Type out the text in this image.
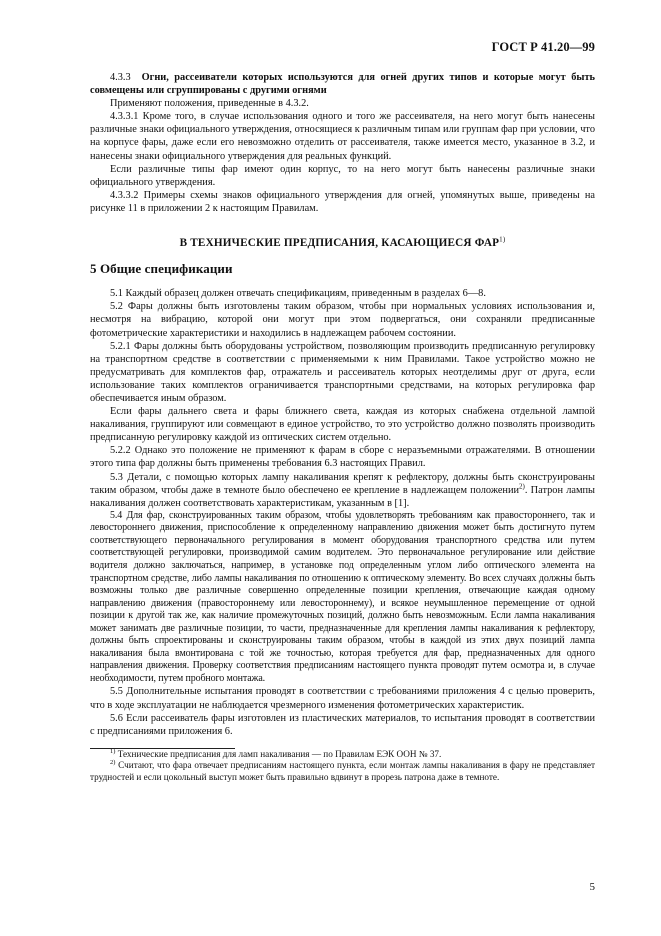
ГОСТ Р 41.20—99

4.3.3 Огни, рассеиватели которых используются для огней других типов и которые могут быть совмещены или сгруппированы с другими огнями

Применяют положения, приведенные в 4.3.2.

4.3.3.1 Кроме того, в случае использования одного и того же рассеивателя, на него могут быть нанесены различные знаки официального утверждения, относящиеся к различным типам или группам фар при условии, что на корпусе фары, даже если его невозможно отделить от рассеивателя, также имеется место, указанное в 3.2, и нанесены знаки официального утверждения для реальных функций.

Если различные типы фар имеют один корпус, то на него могут быть нанесены различные знаки официального утверждения.

4.3.3.2 Примеры схемы знаков официального утверждения для огней, упомянутых выше, приведены на рисунке 11 в приложении 2 к настоящим Правилам.

В ТЕХНИЧЕСКИЕ ПРЕДПИСАНИЯ, КАСАЮЩИЕСЯ ФАР$^{1)}$
5 Общие спецификации

5.1 Каждый образец должен отвечать спецификациям, приведенным в разделах 6—8.

5.2 Фары должны быть изготовлены таким образом, чтобы при нормальных условиях использования и, несмотря на вибрацию, которой они могут при этом подвергаться, они сохраняли предписанные фотометрические характеристики и находились в надлежащем рабочем состоянии.

5.2.1 Фары должны быть оборудованы устройством, позволяющим производить предписанную регулировку на транспортном средстве в соответствии с применяемыми к ним Правилами. Такое устройство можно не предусматривать для комплектов фар, отражатель и рассеиватель которых неотделимы друг от друга, если использование таких комплектов ограничивается транспортными средствами, на которых регулировка фар обеспечивается иным образом.

Если фары дальнего света и фары ближнего света, каждая из которых снабжена отдельной лампой накаливания, группируют или совмещают в единое устройство, то это устройство должно позволять производить предписанную регулировку каждой из оптических систем отдельно.

5.2.2 Однако это положение не применяют к фарам в сборе с неразъемными отражателями. В отношении этого типа фар должны быть применены требования 6.3 настоящих Правил.

5.3 Детали, с помощью которых лампу накаливания крепят к рефлектору, должны быть сконструированы таким образом, чтобы даже в темноте было обеспечено ее крепление в надлежащем положении$^{2)}$. Патрон лампы накаливания должен соответствовать характеристикам, указанным в [1].

5.4 Для фар, сконструированных таким образом, чтобы удовлетворять требованиям как правостороннего, так и левостороннего движения, приспособление к определенному направлению движения может быть достигнуто путем соответствующего первоначального регулирования в момент оборудования транспортного средства или путем соответствующей регулировки, производимой самим водителем. Это первоначальное регулирование или действие водителя должно заключаться, например, в установке под определенным углом либо оптического элемента на транспортном средстве, либо лампы накаливания по отношению к оптическому элементу. Во всех случаях должны быть возможны только две различные совершенно определенные позиции крепления, отвечающие каждая одному направлению движения (правостороннему или левостороннему), и всякое неумышленное перемещение от одной позиции к другой так же, как наличие промежуточных позиций, должно быть невозможным. Если лампа накаливания может занимать две различные позиции, то части, предназначенные для крепления лампы накаливания к рефлектору, должны быть спроектированы и сконструированы таким образом, чтобы в каждой из этих двух позиций лампа накаливания была вмонтирована с той же точностью, которая требуется для фар, предназначенных для одного направления движения. Проверку соответствия предписаниям настоящего пункта проводят путем осмотра и, в случае необходимости, путем пробного монтажа.

5.5 Дополнительные испытания проводят в соответствии с требованиями приложения 4 с целью проверить, что в ходе эксплуатации не наблюдается чрезмерного изменения фотометрических характеристик.

5.6 Если рассеиватель фары изготовлен из пластических материалов, то испытания проводят в соответствии с предписаниями приложения 6.

$^{1)}$ Технические предписания для ламп накаливания — по Правилам ЕЭК ООН № 37.

$^{2)}$ Считают, что фара отвечает предписаниям настоящего пункта, если монтаж лампы накаливания в фару не представляет трудностей и если цокольный выступ может быть правильно вдвинут в прорезь патрона даже в темноте.

5
